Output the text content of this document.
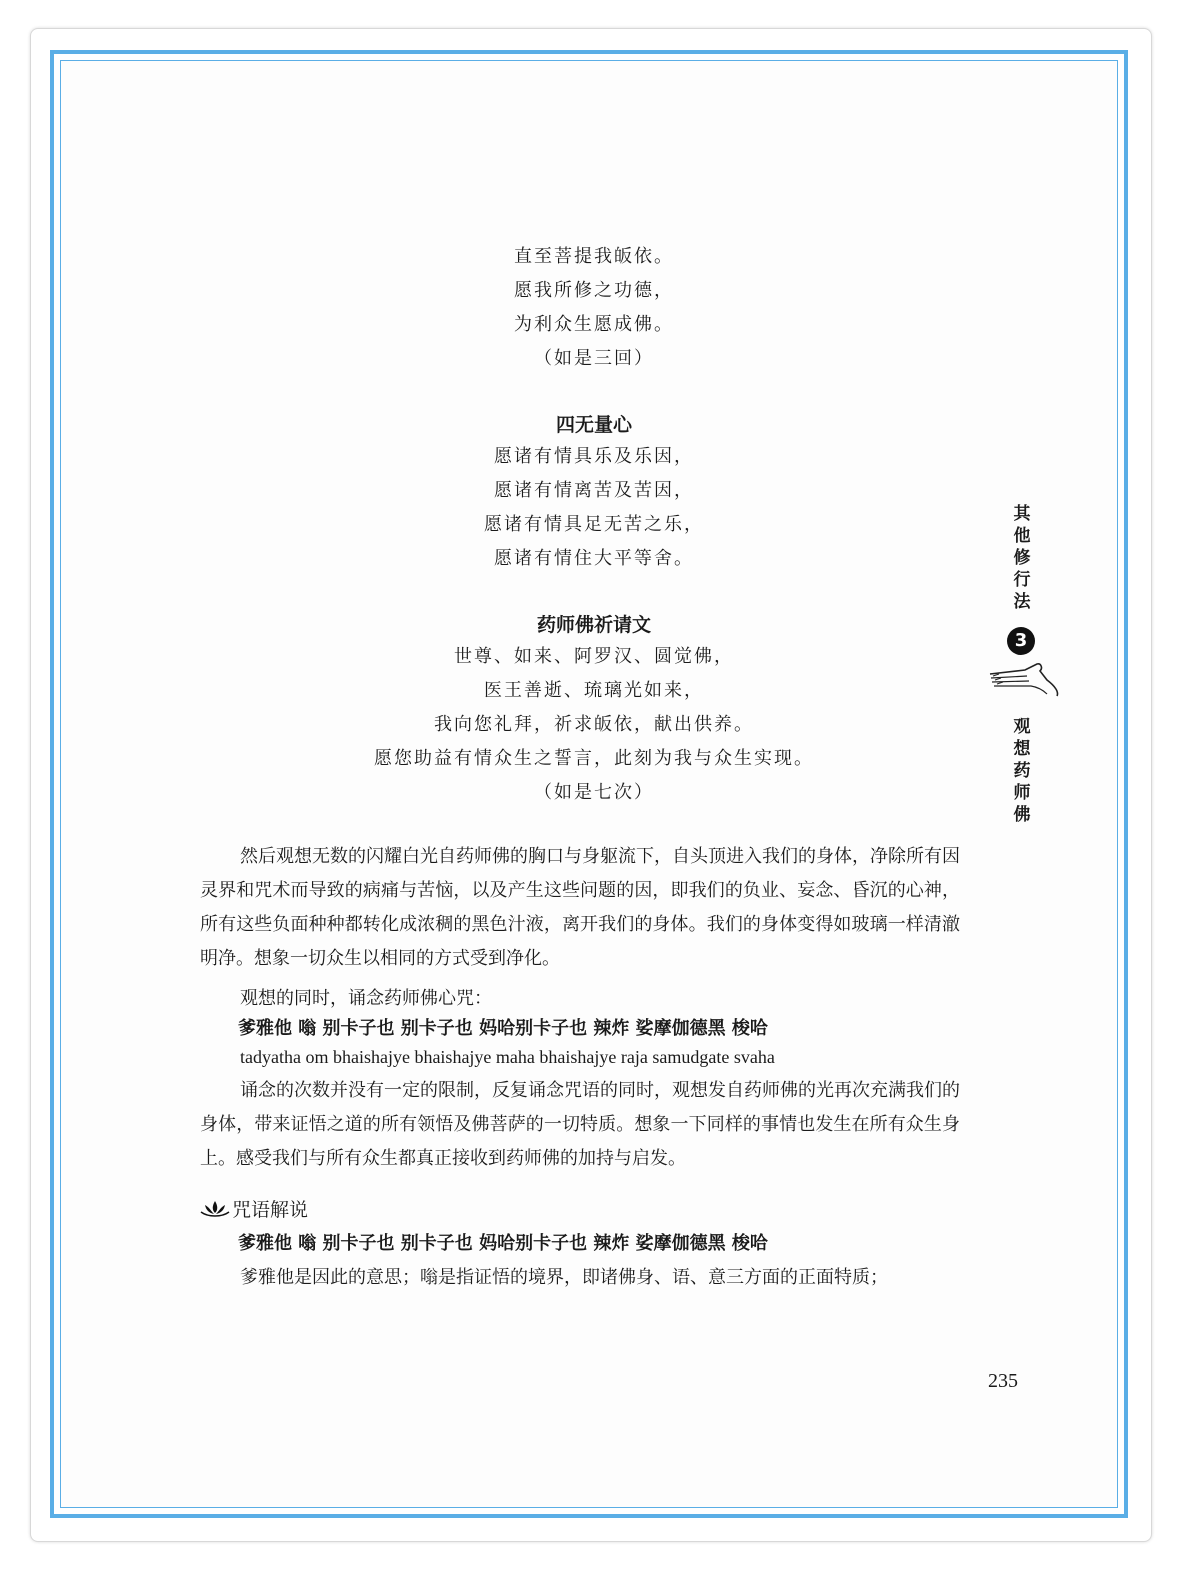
直至菩提我皈依。
愿我所修之功德，
为利众生愿成佛。
（如是三回）
四无量心
愿诸有情具乐及乐因，
愿诸有情离苦及苦因，
愿诸有情具足无苦之乐，
愿诸有情住大平等舍。
药师佛祈请文
世尊、如来、阿罗汉、圆觉佛，
医王善逝、琉璃光如来，
我向您礼拜，祈求皈依，献出供养。
愿您助益有情众生之誓言，此刻为我与众生实现。
（如是七次）

然后观想无数的闪耀白光自药师佛的胸口与身躯流下，自头顶进入我们的身体，净除所有因灵界和咒术而导致的病痛与苦恼，以及产生这些问题的因，即我们的负业、妄念、昏沉的心神，所有这些负面种种都转化成浓稠的黑色汁液，离开我们的身体。我们的身体变得如玻璃一样清澈明净。想象一切众生以相同的方式受到净化。

观想的同时，诵念药师佛心咒：
爹雅他 嗡 别卡子也 别卡子也 妈哈别卡子也 辣炸 娑摩伽德黑 梭哈
tadyatha om bhaishajye bhaishajye maha bhaishajye raja samudgate svaha

诵念的次数并没有一定的限制，反复诵念咒语的同时，观想发自药师佛的光再次充满我们的身体，带来证悟之道的所有领悟及佛菩萨的一切特质。想象一下同样的事情也发生在所有众生身上。感受我们与所有众生都真正接收到药师佛的加持与启发。

咒语解说
爹雅他 嗡 别卡子也 别卡子也 妈哈别卡子也 辣炸 娑摩伽德黑 梭哈
爹雅他是因此的意思；嗡是指证悟的境界，即诸佛身、语、意三方面的正面特质；
其
他
修
行
法
3
观
想
药
师
佛
235
